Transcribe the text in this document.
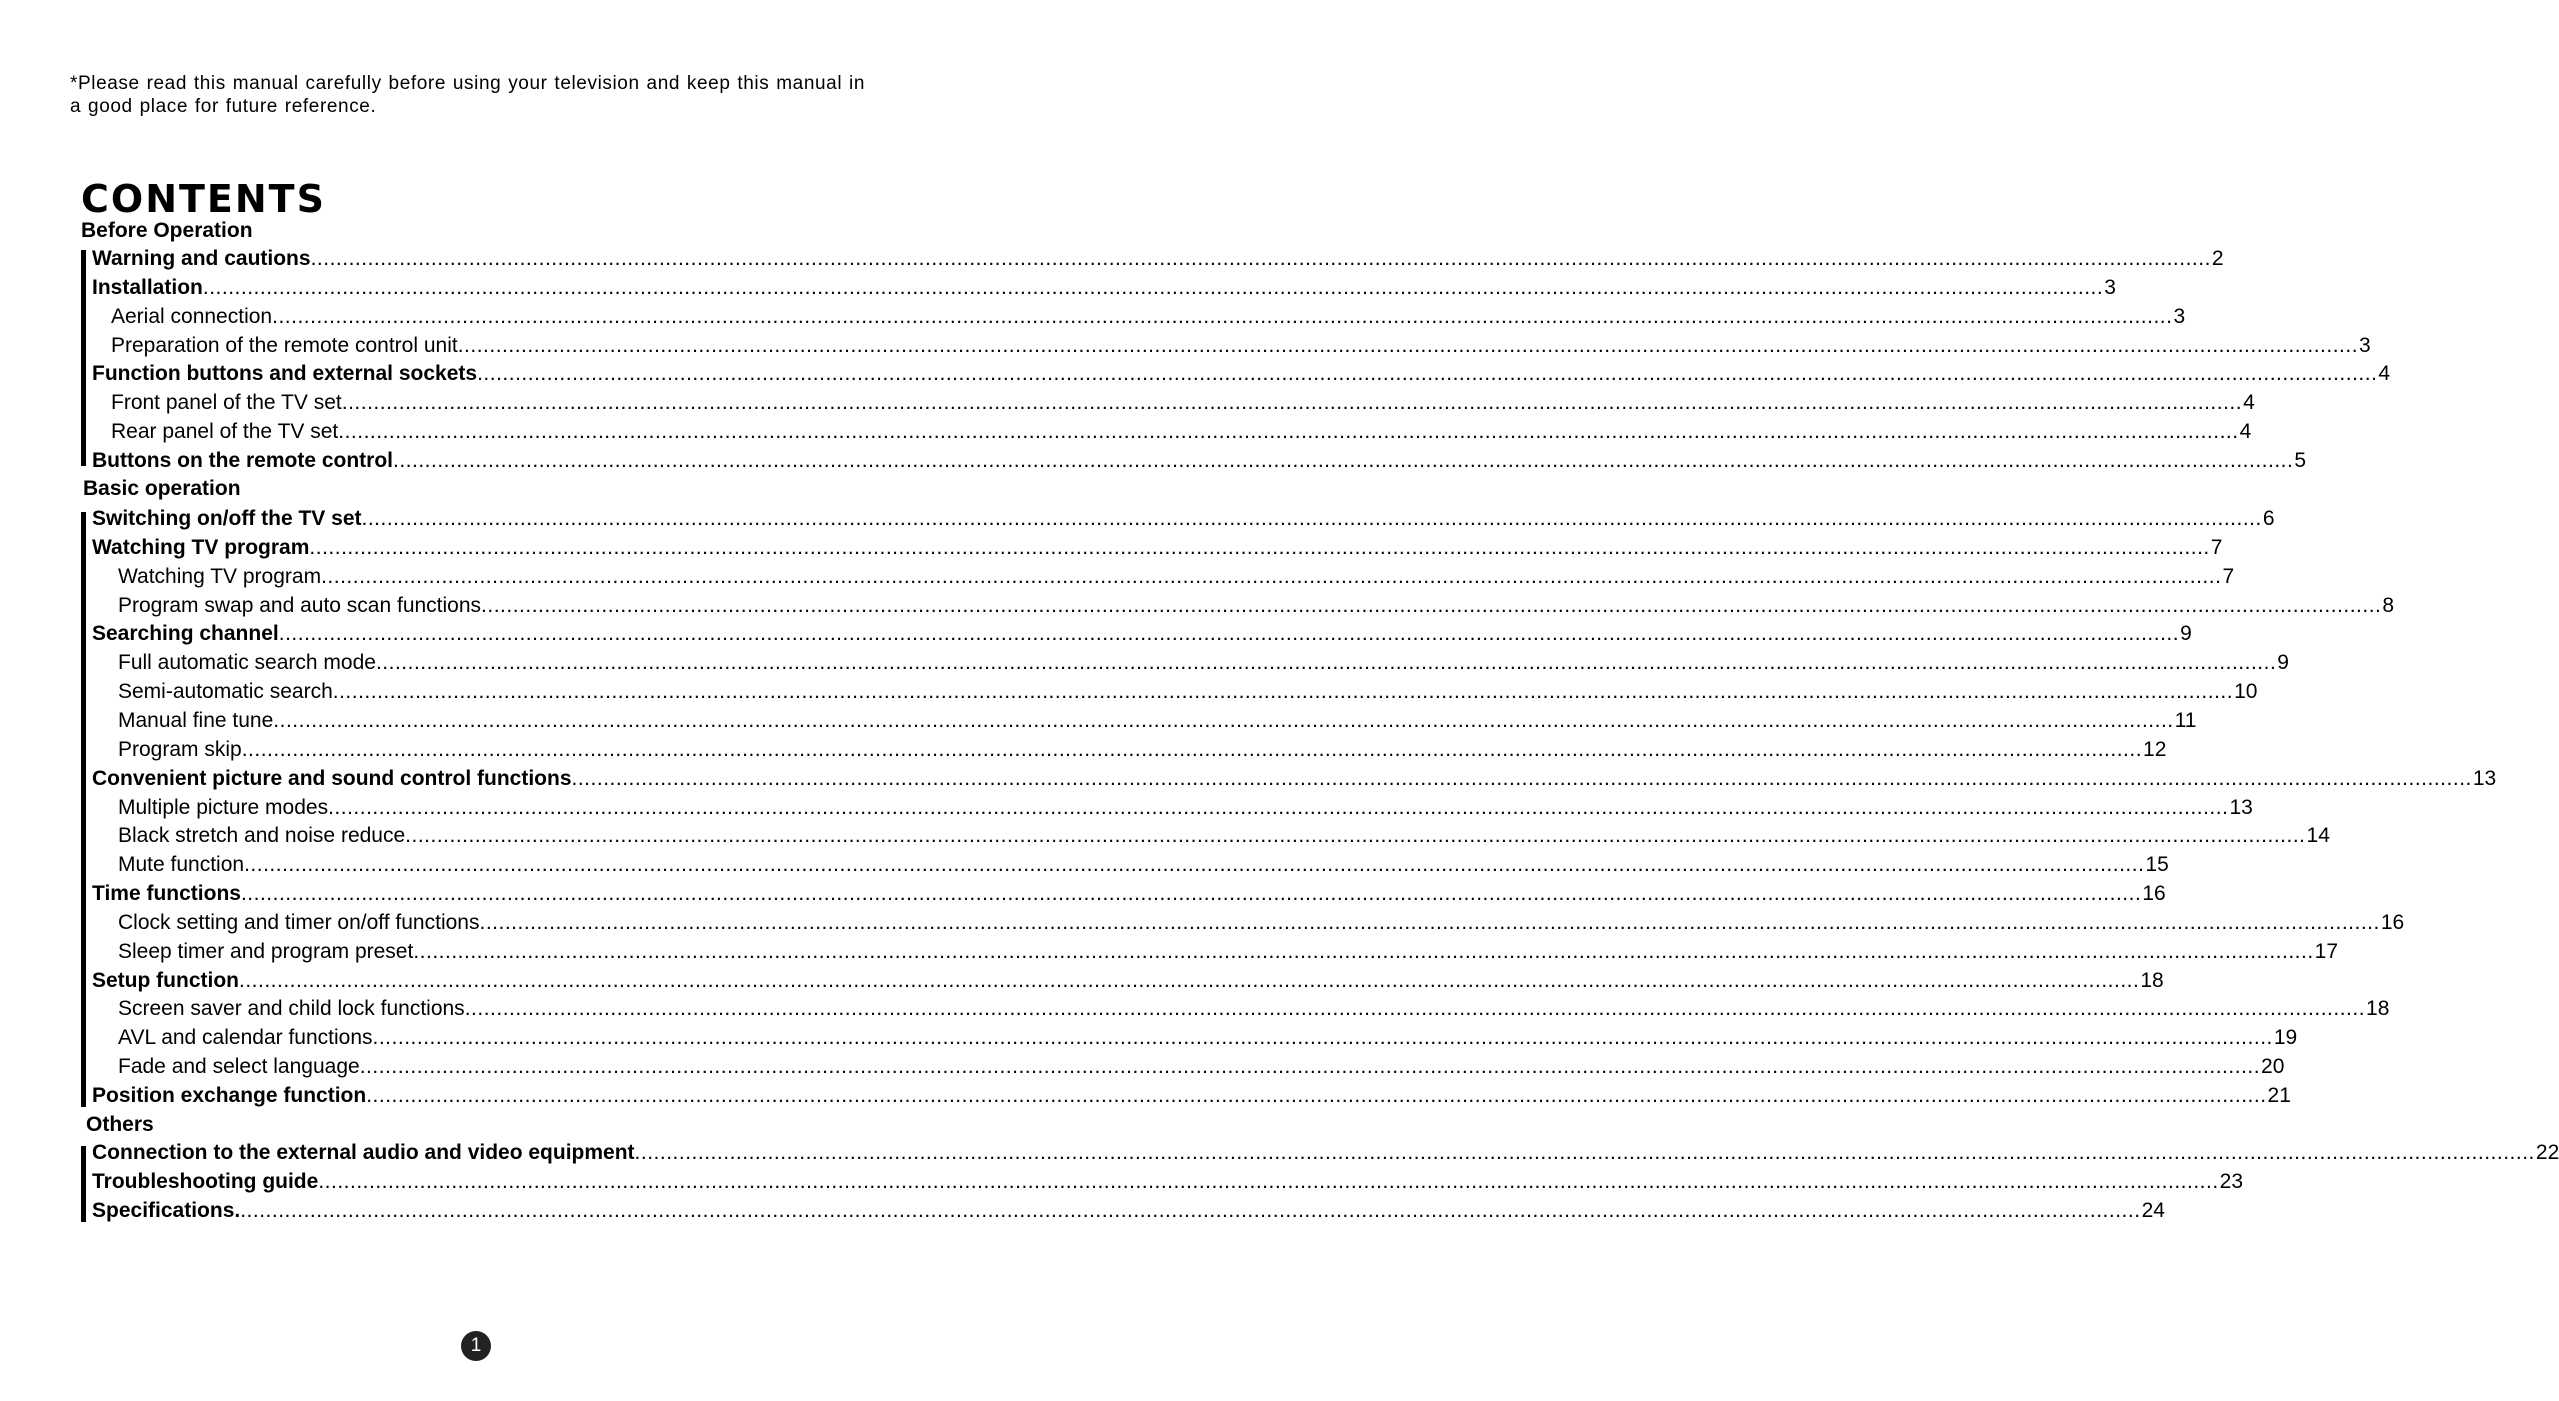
*Please read this manual carefully before using your television and keep this manual in a good place for future reference.
CONTENTS
Before Operation
Warning and cautions ............................................................................................................................................................................................................................................................................................................ 2
Installation ............................................................................................................................................................................................................................................................................................................ 3
Aerial connection ............................................................................................................................................................................................................................................................................................................ 3
Preparation of the remote control unit ............................................................................................................................................................................................................................................................................................................ 3
Function buttons and external sockets ............................................................................................................................................................................................................................................................................................................ 4
Front panel of the TV set ............................................................................................................................................................................................................................................................................................................ 4
Rear panel of the TV set ............................................................................................................................................................................................................................................................................................................ 4
Buttons on the remote control ............................................................................................................................................................................................................................................................................................................ 5
Basic operation
Switching on/off the TV set ............................................................................................................................................................................................................................................................................................................ 6
Watching TV program ............................................................................................................................................................................................................................................................................................................ 7
Watching TV program ............................................................................................................................................................................................................................................................................................................ 7
Program swap and auto scan functions ............................................................................................................................................................................................................................................................................................................ 8
Searching channel ............................................................................................................................................................................................................................................................................................................ 9
Full automatic search mode ............................................................................................................................................................................................................................................................................................................ 9
Semi-automatic search ............................................................................................................................................................................................................................................................................................................ 10
Manual fine tune ............................................................................................................................................................................................................................................................................................................ 11
Program skip ............................................................................................................................................................................................................................................................................................................ 12
Convenient picture and sound control functions ............................................................................................................................................................................................................................................................................................................ 13
Multiple picture modes ............................................................................................................................................................................................................................................................................................................ 13
Black stretch and noise reduce ............................................................................................................................................................................................................................................................................................................ 14
Mute function ............................................................................................................................................................................................................................................................................................................ 15
Time functions ............................................................................................................................................................................................................................................................................................................ 16
Clock setting and timer on/off functions ............................................................................................................................................................................................................................................................................................................ 16
Sleep timer and program preset ............................................................................................................................................................................................................................................................................................................ 17
Setup function ............................................................................................................................................................................................................................................................................................................ 18
Screen saver and child lock functions ............................................................................................................................................................................................................................................................................................................ 18
AVL and calendar functions ............................................................................................................................................................................................................................................................................................................ 19
Fade and select language ............................................................................................................................................................................................................................................................................................................ 20
Position exchange function ............................................................................................................................................................................................................................................................................................................ 21
Others
Connection to the external audio and video equipment ............................................................................................................................................................................................................................................................................................................ 22
Troubleshooting guide ............................................................................................................................................................................................................................................................................................................ 23
Specifications. ............................................................................................................................................................................................................................................................................................................ 24
1
